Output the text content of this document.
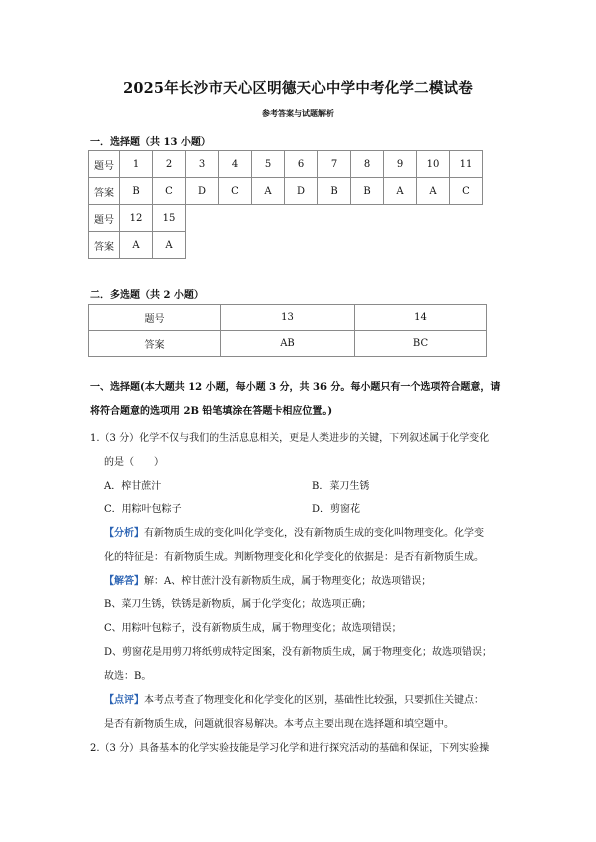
2025年长沙市天心区明德天心中学中考化学二模试卷
参考答案与试题解析
一．选择题（共 13 小题）
题号	1	2	3	4	5	6	7	8	9	10	11
答案	B	C	D	C	A	D	B	B	A	A	C
题号	12	15									
答案	A	A									
二．多选题（共 2 小题）
题号	13	14
答案	AB	BC
一、选择题(本大题共 12 小题，每小题 3 分，共 36 分。每小题只有一个选项符合题意，请
将符合题意的选项用 2B 铅笔填涂在答题卡相应位置。)
1.（3 分）化学不仅与我们的生活息息相关，更是人类进步的关键，下列叙述属于化学变化
的是（　　）
A．榨甘蔗汁	B．菜刀生锈
C．用粽叶包粽子	D．剪窗花
【分析】有新物质生成的变化叫化学变化，没有新物质生成的变化叫物理变化。化学变
化的特征是：有新物质生成。判断物理变化和化学变化的依据是：是否有新物质生成。
【解答】解：A、榨甘蔗汁没有新物质生成，属于物理变化；故选项错误；
B、菜刀生锈，铁锈是新物质，属于化学变化；故选项正确；
C、用粽叶包粽子，没有新物质生成，属于物理变化；故选项错误；
D、剪窗花是用剪刀将纸剪成特定图案，没有新物质生成，属于物理变化；故选项错误；
故选：B。
【点评】本考点考查了物理变化和化学变化的区别，基础性比较强，只要抓住关键点：
是否有新物质生成，问题就很容易解决。本考点主要出现在选择题和填空题中。
2.（3 分）具备基本的化学实验技能是学习化学和进行探究活动的基础和保证，下列实验操
